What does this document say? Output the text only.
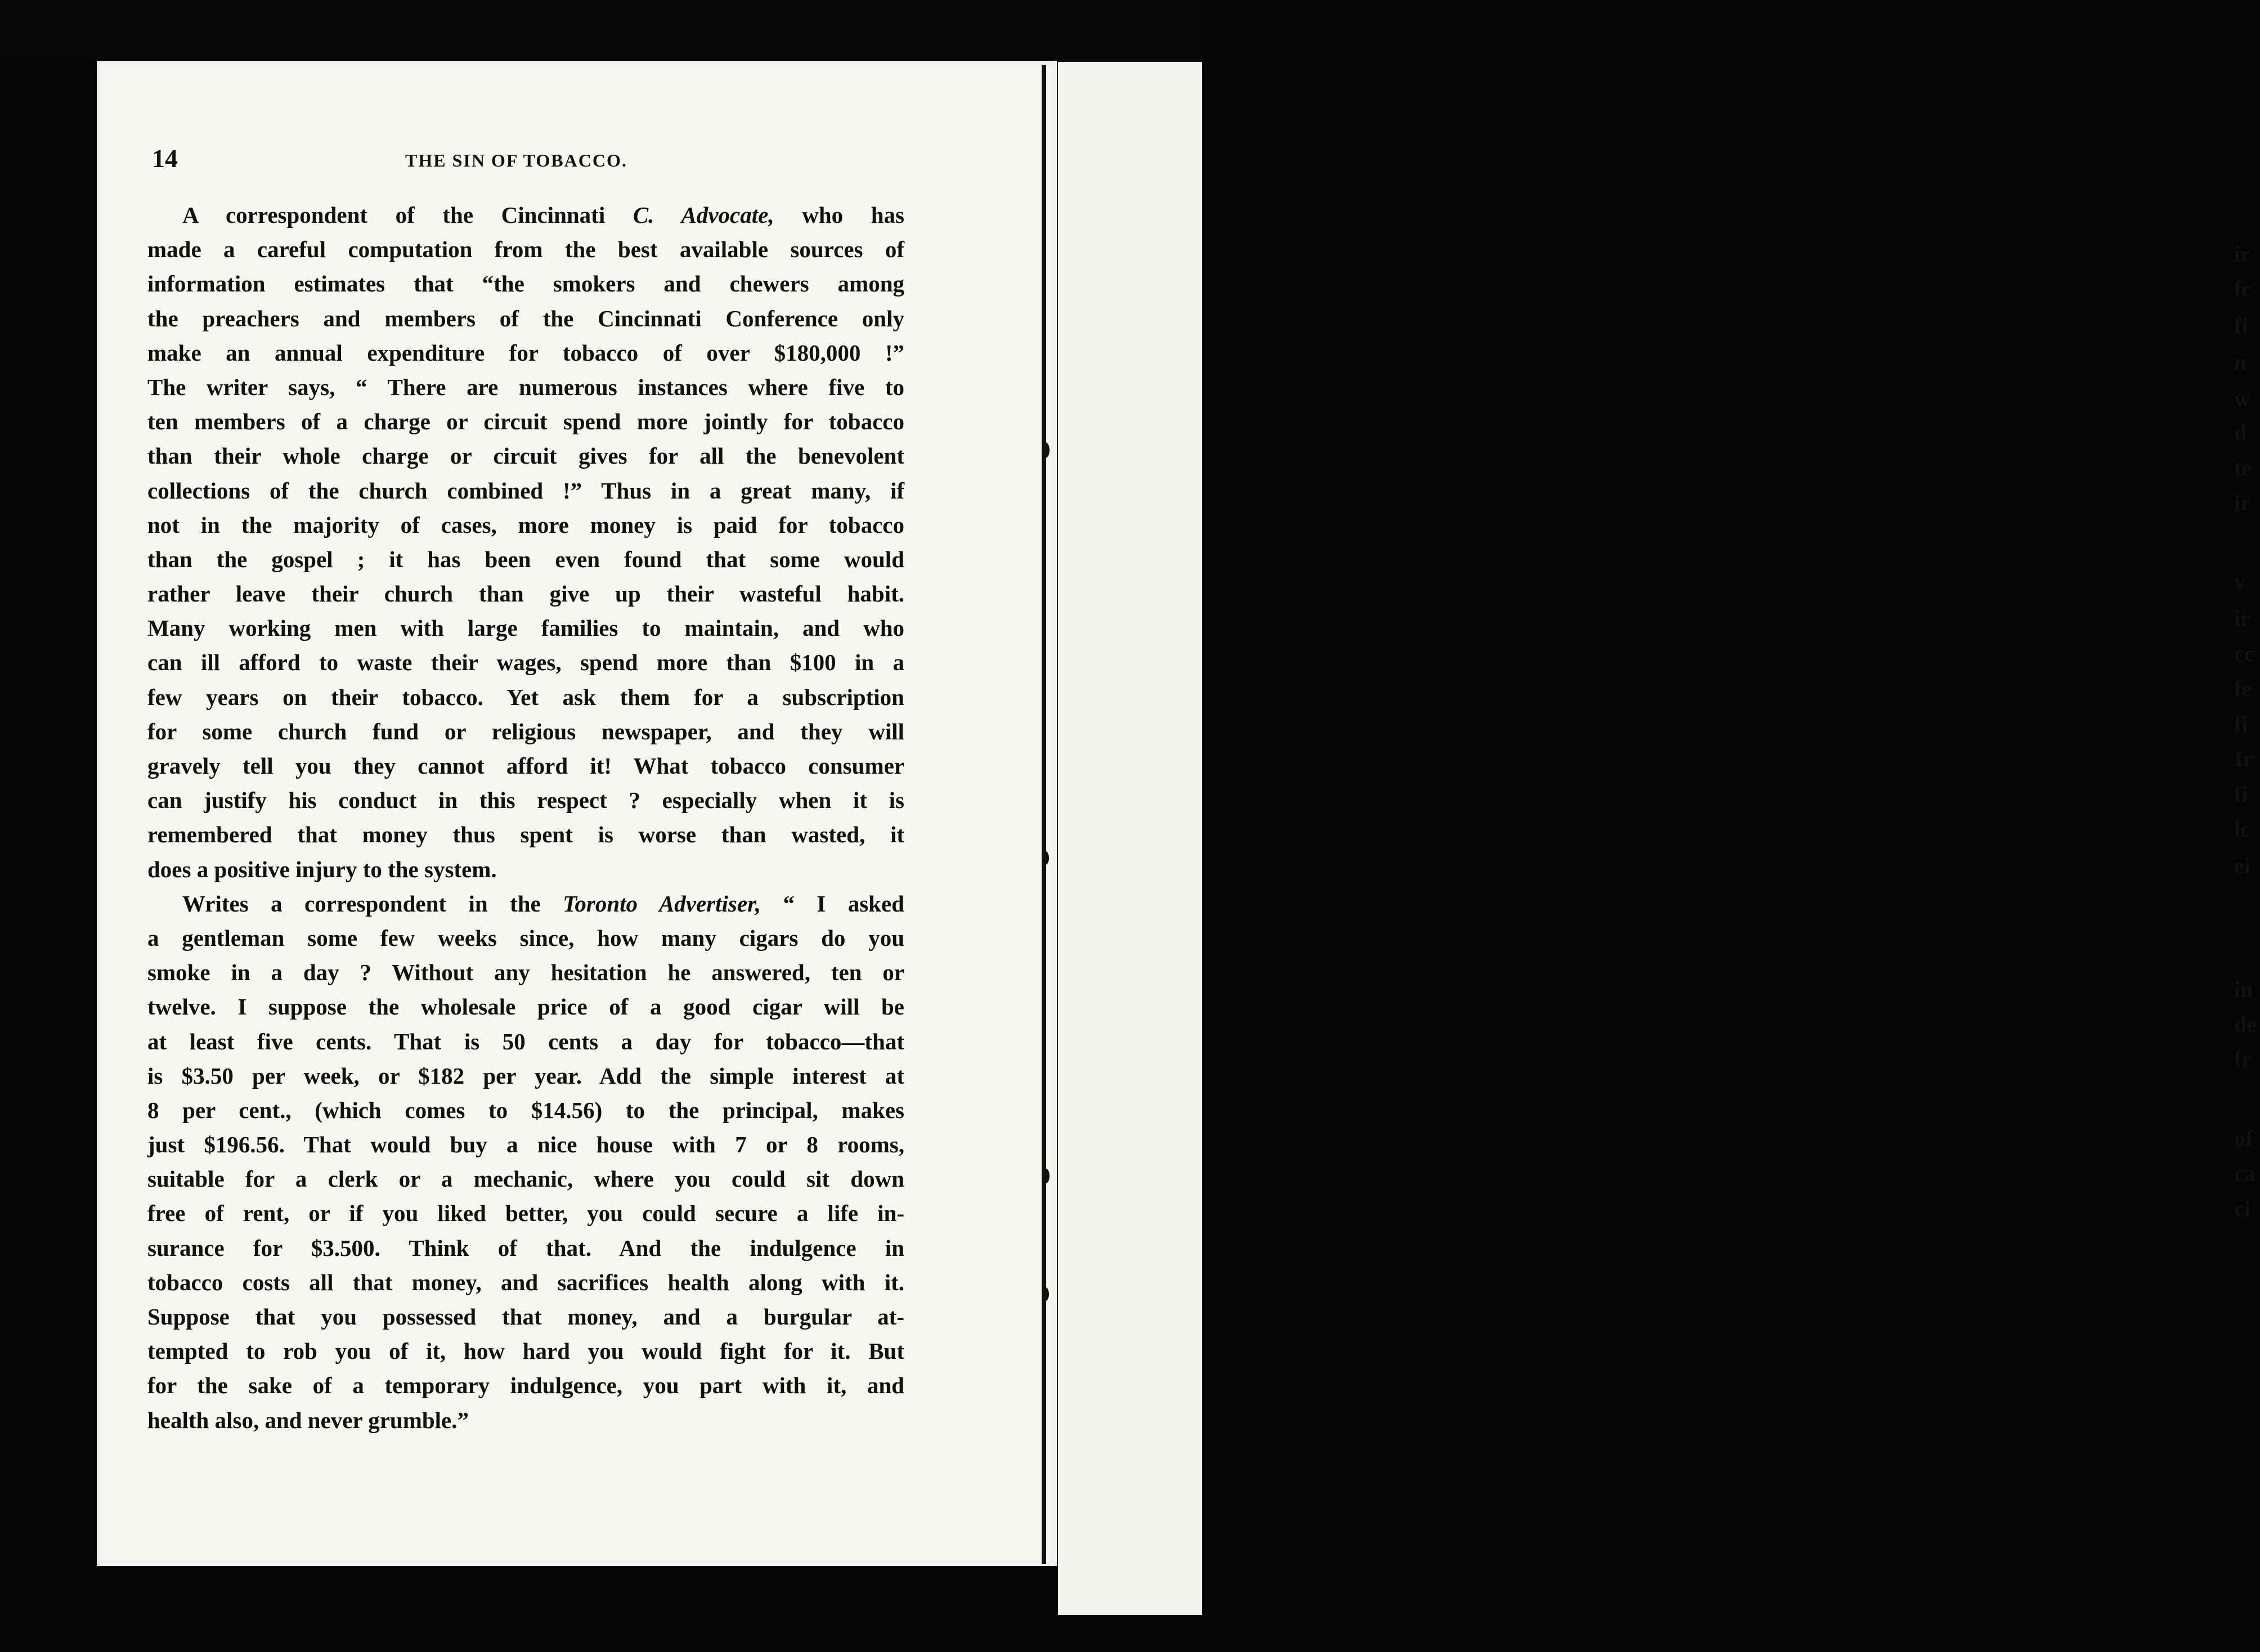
ir
fc
fi
n
w
d
te
ir
v
ir
cc
fe
fi
Ir
fi
lc
ei
in
de
fr
of
ca
ci
14	THE SIN OF TOBACCO.
A correspondent of the Cincinnati C. Advocate, who has
made a careful computation from the best available sources of
information estimates that “the smokers and chewers among
the preachers and members of the Cincinnati Conference only
make an annual expenditure for tobacco of over $180,000 !”
The writer says, “ There are numerous instances where five to
ten members of a charge or circuit spend more jointly for tobacco
than their whole charge or circuit gives for all the benevolent
collections of the church combined !” Thus in a great many, if
not in the majority of cases, more money is paid for tobacco
than the gospel ; it has been even found that some would
rather leave their church than give up their wasteful habit.
Many working men with large families to maintain, and who
can ill afford to waste their wages, spend more than $100 in a
few years on their tobacco. Yet ask them for a subscription
for some church fund or religious newspaper, and they will
gravely tell you they cannot afford it! What tobacco consumer
can justify his conduct in this respect ? especially when it is
remembered that money thus spent is worse than wasted, it
does a positive injury to the system.
Writes a correspondent in the Toronto Advertiser, “ I asked
a gentleman some few weeks since, how many cigars do you
smoke in a day ? Without any hesitation he answered, ten or
twelve. I suppose the wholesale price of a good cigar will be
at least five cents. That is 50 cents a day for tobacco—that
is $3.50 per week, or $182 per year. Add the simple interest at
8 per cent., (which comes to $14.56) to the principal, makes
just $196.56. That would buy a nice house with 7 or 8 rooms,
suitable for a clerk or a mechanic, where you could sit down
free of rent, or if you liked better, you could secure a life in-
surance for $3.500. Think of that. And the indulgence in
tobacco costs all that money, and sacrifices health along with it.
Suppose that you possessed that money, and a burgular at-
tempted to rob you of it, how hard you would fight for it. But
for the sake of a temporary indulgence, you part with it, and
health also, and never grumble.”
